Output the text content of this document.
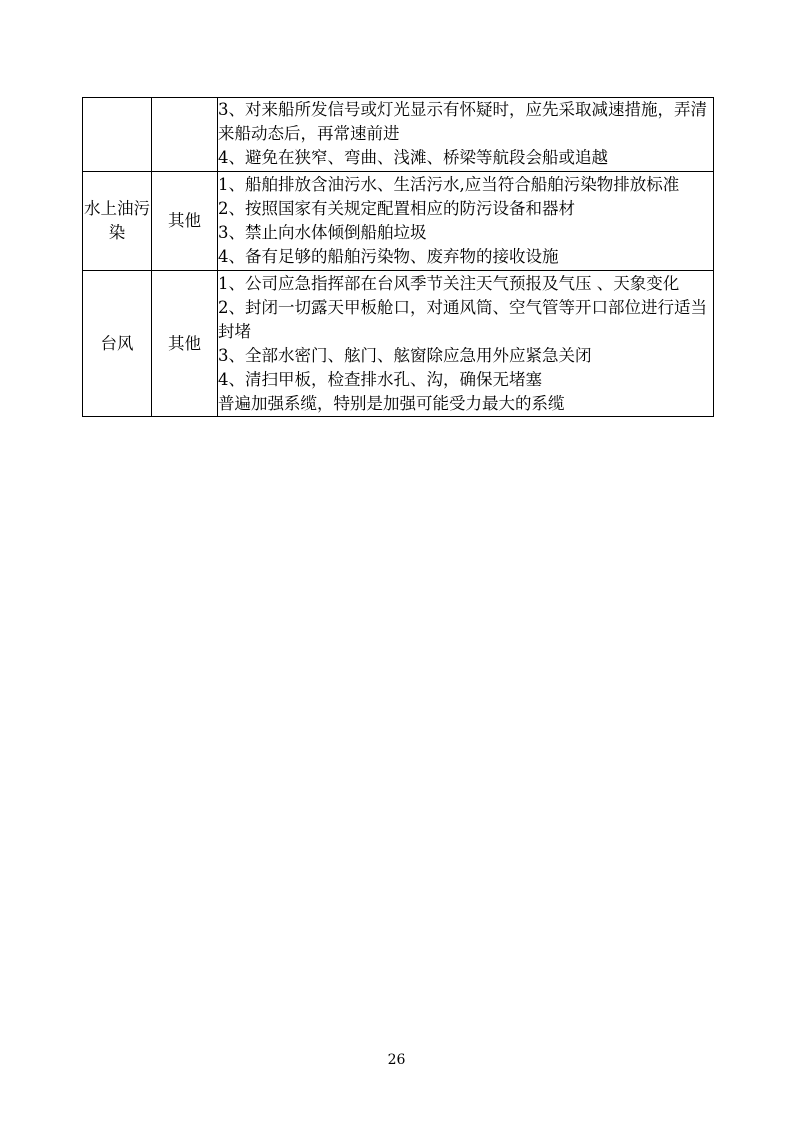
		3、对来船所发信号或灯光显示有怀疑时，应先采取减速措施，弄清来船动态后，再常速前进
4、避免在狭窄、弯曲、浅滩、桥梁等航段会船或追越

水上油污染	其他	1、船舶排放含油污水、生活污水,应当符合船舶污染物排放标准
2、按照国家有关规定配置相应的防污设备和器材
3、禁止向水体倾倒船舶垃圾
4、备有足够的船舶污染物、废弃物的接收设施

台风	其他	1、公司应急指挥部在台风季节关注天气预报及气压 、天象变化
2、封闭一切露天甲板舱口，对通风筒、空气管等开口部位进行适当封堵
3、全部水密门、舷门、舷窗除应急用外应紧急关闭
4、清扫甲板，检查排水孔、沟，确保无堵塞
普遍加强系缆，特别是加强可能受力最大的系缆
26
